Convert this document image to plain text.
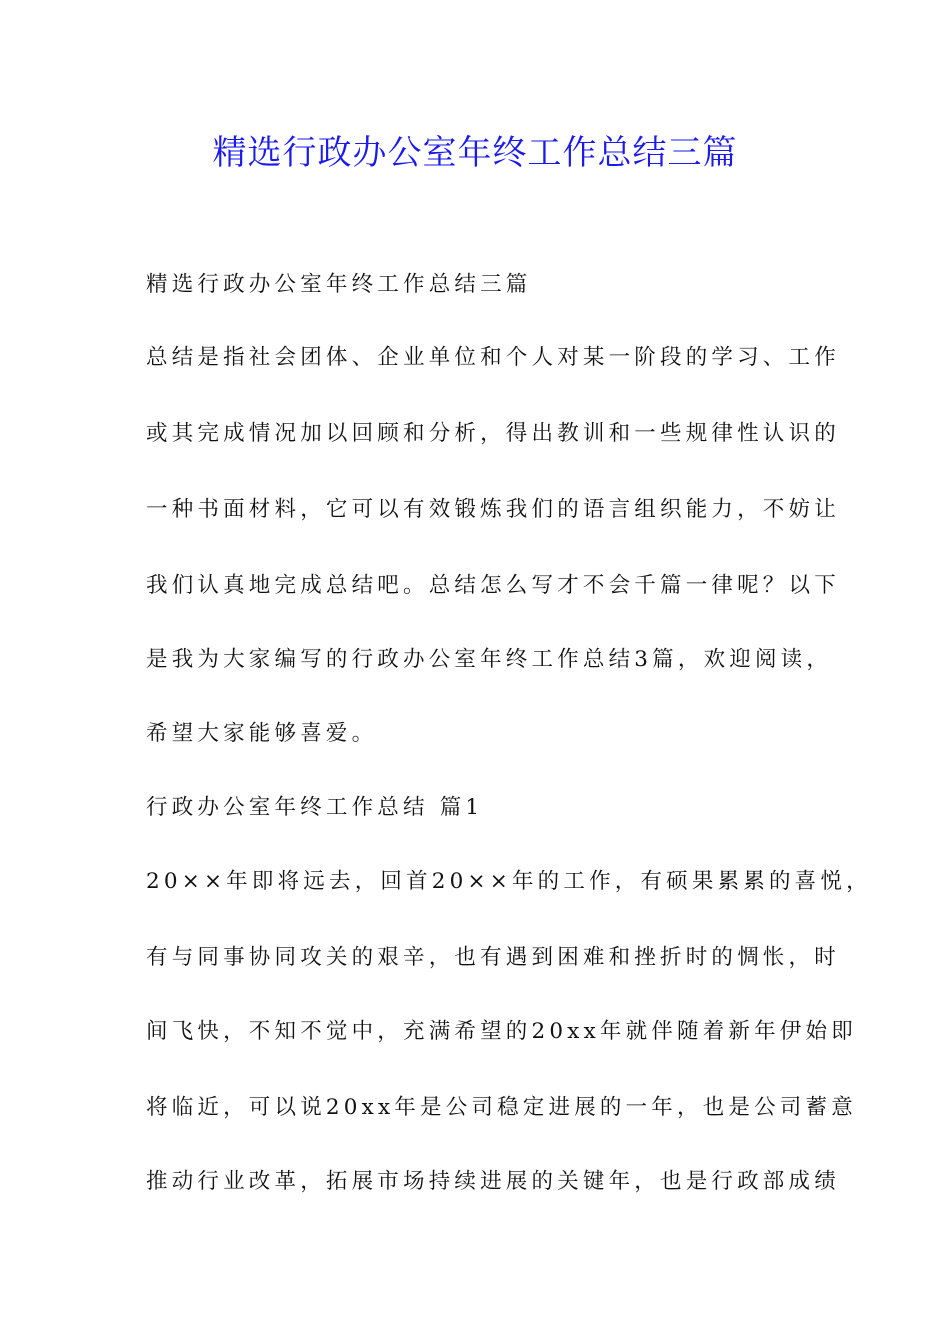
精选行政办公室年终工作总结三篇
精选行政办公室年终工作总结三篇
总结是指社会团体、企业单位和个人对某一阶段的学习、工作
或其完成情况加以回顾和分析，得出教训和一些规律性认识的
一种书面材料，它可以有效锻炼我们的语言组织能力，不妨让
我们认真地完成总结吧。总结怎么写才不会千篇一律呢？以下
是我为大家编写的行政办公室年终工作总结3篇，欢迎阅读，
希望大家能够喜爱。
行政办公室年终工作总结 篇1
20××年即将远去，回首20××年的工作，有硕果累累的喜悦，
有与同事协同攻关的艰辛，也有遇到困难和挫折时的惆怅，时
间飞快，不知不觉中，充满希望的20xx年就伴随着新年伊始即
将临近，可以说20xx年是公司稳定进展的一年，也是公司蓄意
推动行业改革，拓展市场持续进展的关键年，也是行政部成绩
